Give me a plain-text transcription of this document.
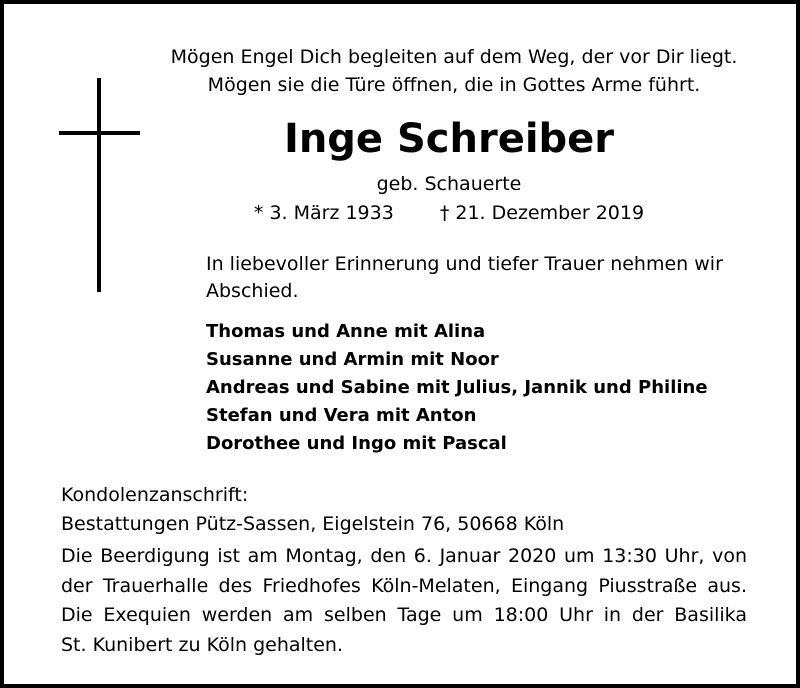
Mögen Engel Dich begleiten auf dem Weg, der vor Dir liegt.
Mögen sie die Türe öffnen, die in Gottes Arme führt.
Inge Schreiber
geb. Schauerte
* 3. März 1933 † 21. Dezember 2019
In liebevoller Erinnerung und tiefer Trauer nehmen wir Abschied.
Thomas und Anne mit Alina
Susanne und Armin mit Noor
Andreas und Sabine mit Julius, Jannik und Philine
Stefan und Vera mit Anton
Dorothee und Ingo mit Pascal
Kondolenzanschrift:
Bestattungen Pütz-Sassen, Eigelstein 76, 50668 Köln
Die Beerdigung ist am Montag, den 6. Januar 2020 um 13:30 Uhr, von
der Trauerhalle des Friedhofes Köln-Melaten, Eingang Piusstraße aus.
Die Exequien werden am selben Tage um 18:00 Uhr in der Basilika
St. Kunibert zu Köln gehalten.
